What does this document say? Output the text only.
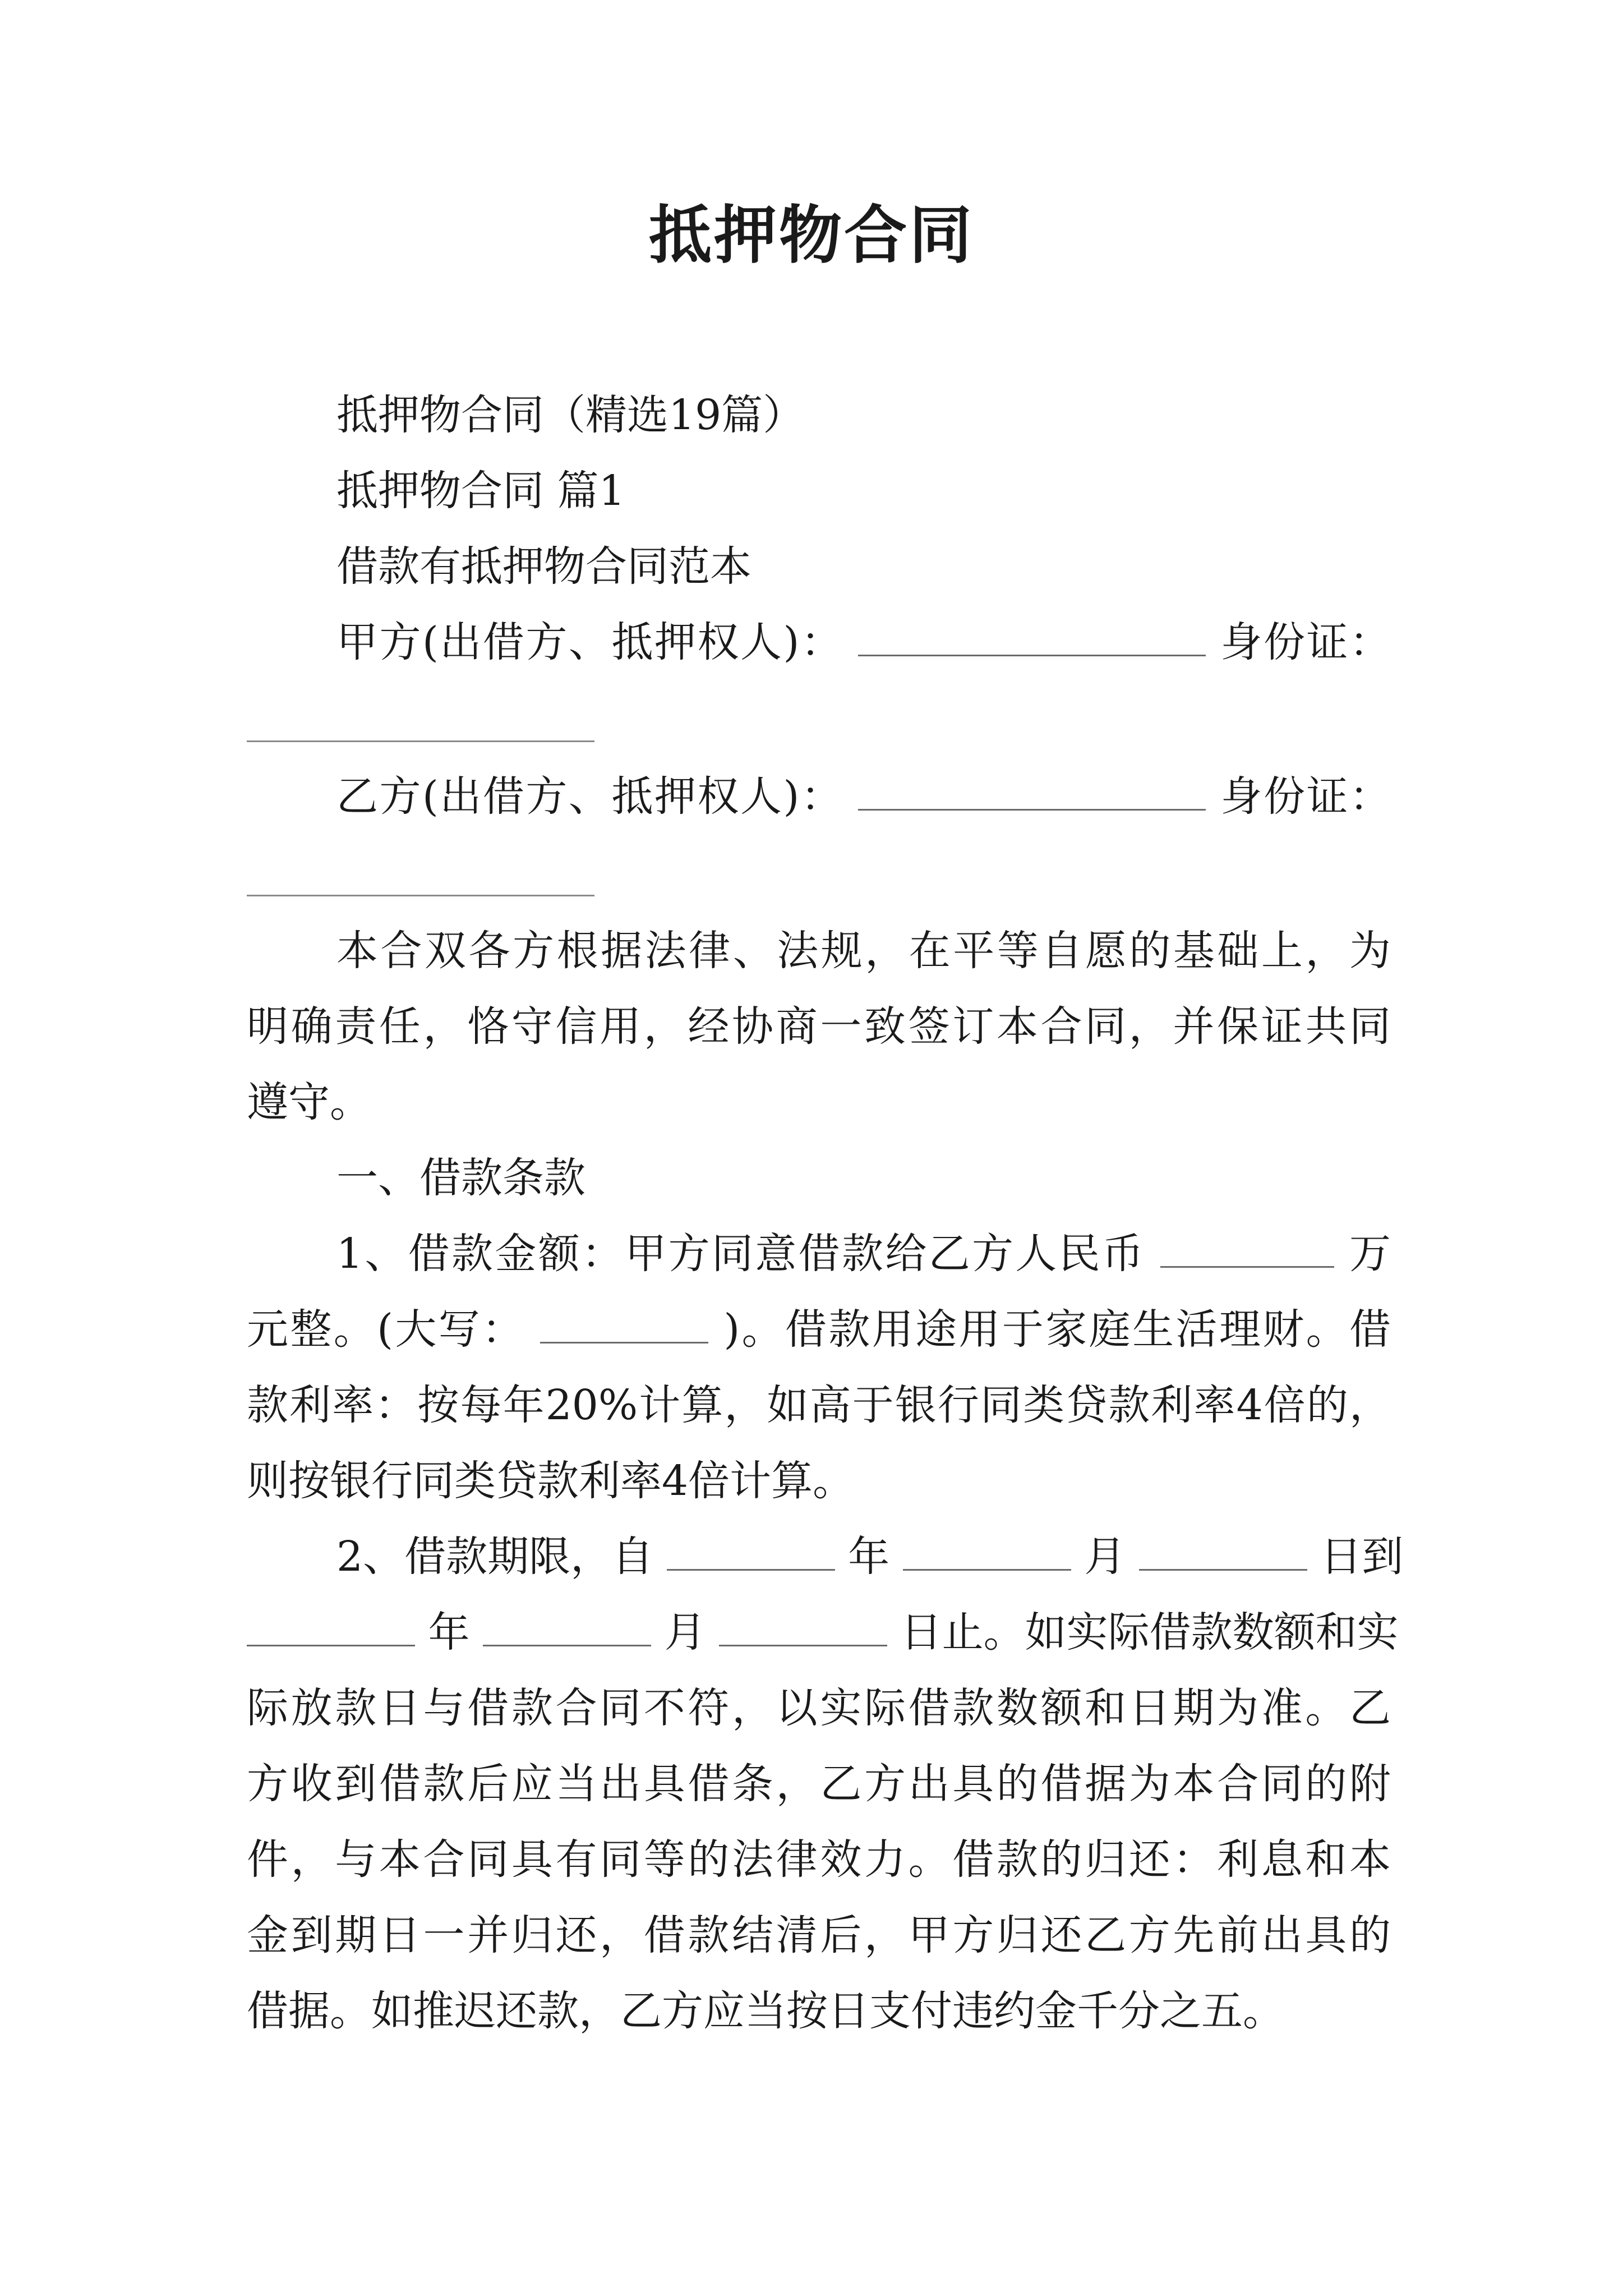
抵押物合同
抵押物合同（精选19篇）
抵押物合同 篇1
借款有抵押物合同范本
甲方(出借方、抵押权人)：	身份证：
乙方(出借方、抵押权人)：	身份证：
本合双各方根据法律、法规，在平等自愿的基础上，为
明确责任，恪守信用，经协商一致签订本合同，并保证共同
遵守。
一、借款条款
1、借款金额：甲方同意借款给乙方人民币	万
元整。(大写：	)。借款用途用于家庭生活理财。借
款利率：按每年20%计算，如高于银行同类贷款利率4倍的，
则按银行同类贷款利率4倍计算。
2、借款期限，自	年	月	日到
年	月	日止。如实际借款数额和实
际放款日与借款合同不符，以实际借款数额和日期为准。乙
方收到借款后应当出具借条，乙方出具的借据为本合同的附
件，与本合同具有同等的法律效力。借款的归还：利息和本
金到期日一并归还，借款结清后，甲方归还乙方先前出具的
借据。如推迟还款，乙方应当按日支付违约金千分之五。
